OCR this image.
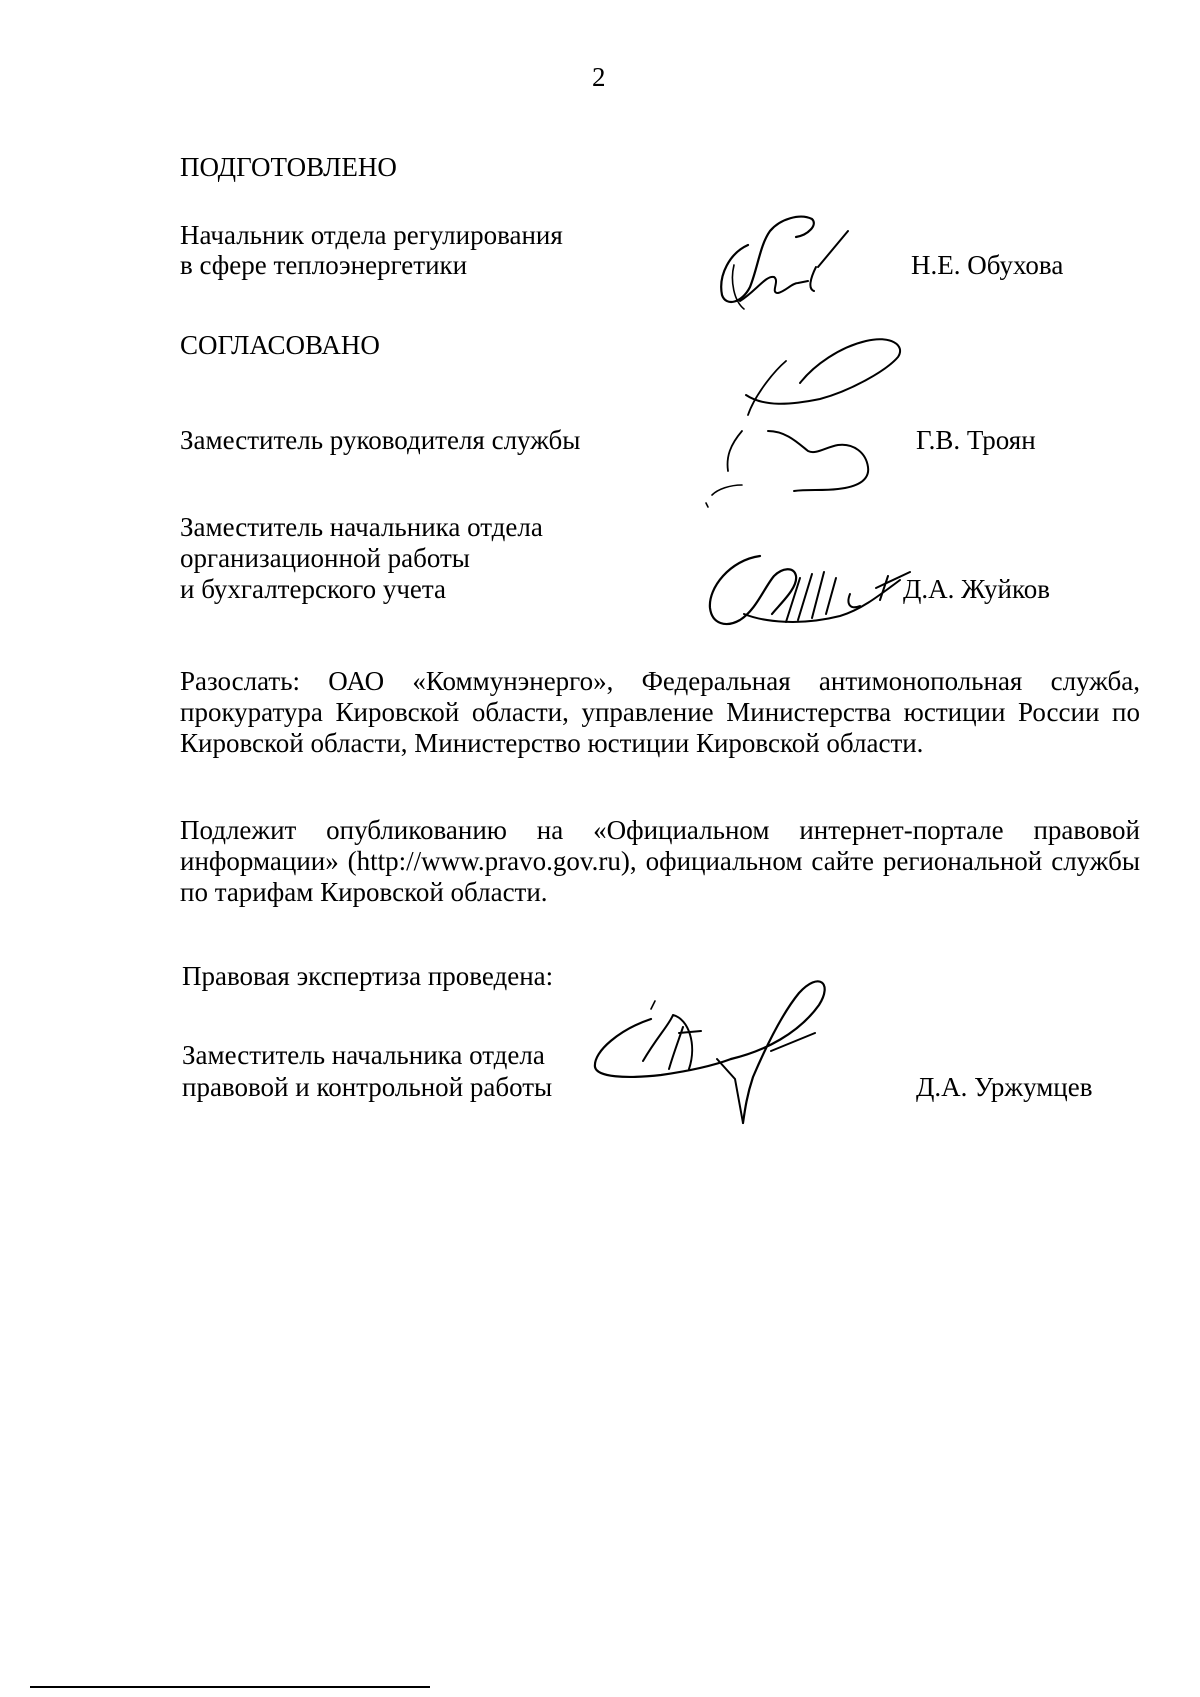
2
ПОДГОТОВЛЕНО
Начальник отдела регулирования
в сфере теплоэнергетики	Н.Е. Обухова
СОГЛАСОВАНО
Заместитель руководителя службы	Г.В. Троян
Заместитель начальника отдела
организационной работы
и бухгалтерского учета	Д.А. Жуйков
Разослать: ОАО «Коммунэнерго», Федеральная антимонопольная служба, прокуратура Кировской области, управление Министерства юстиции России по Кировской области, Министерство юстиции Кировской области.
Подлежит опубликованию на «Официальном интернет-портале правовой информации» (http://www.pravo.gov.ru), официальном сайте региональной службы по тарифам Кировской области.
Правовая экспертиза проведена:
Заместитель начальника отдела
правовой и контрольной работы	Д.А. Уржумцев
